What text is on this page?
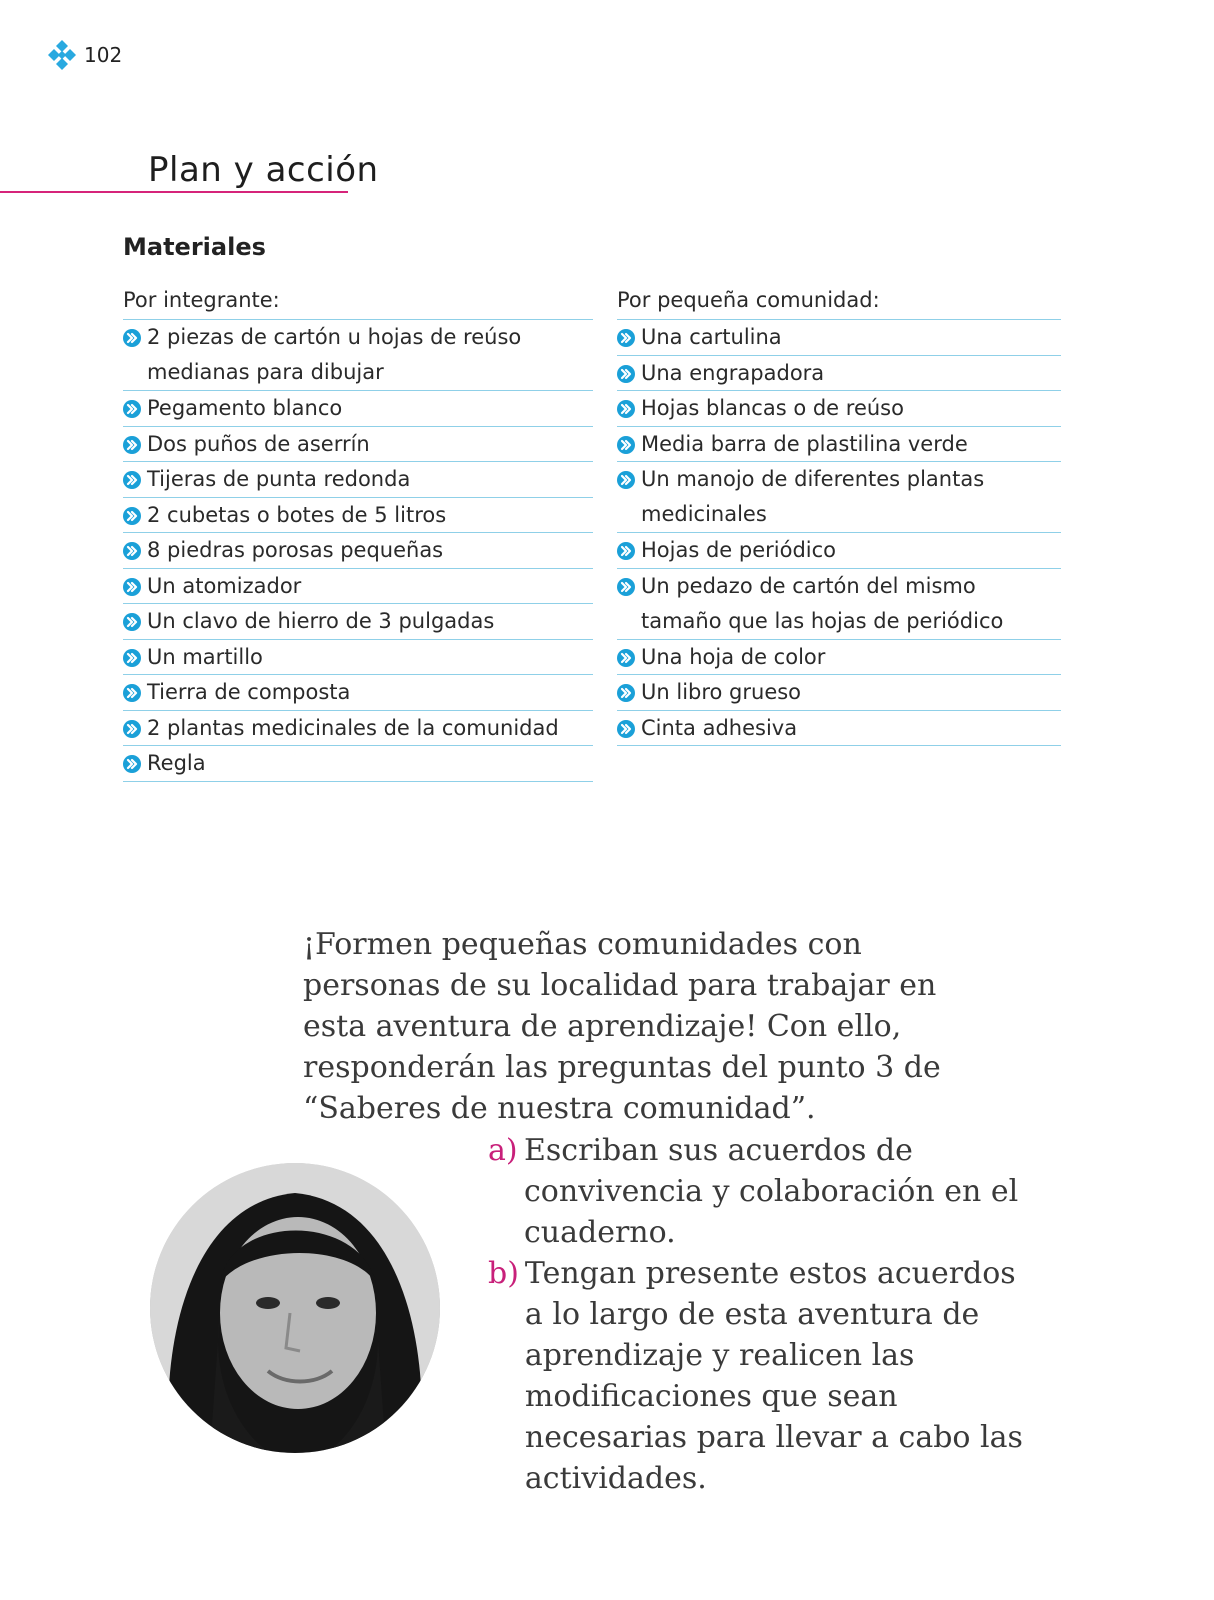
102
Plan y acción
Materiales
Por integrante:
2 piezas de cartón u hojas de reúso medianas para dibujar
Pegamento blanco
Dos puños de aserrín
Tijeras de punta redonda
2 cubetas o botes de 5 litros
8 piedras porosas pequeñas
Un atomizador
Un clavo de hierro de 3 pulgadas
Un martillo
Tierra de composta
2 plantas medicinales de la comunidad
Regla
Por pequeña comunidad:
Una cartulina
Una engrapadora
Hojas blancas o de reúso
Media barra de plastilina verde
Un manojo de diferentes plantas medicinales
Hojas de periódico
Un pedazo de cartón del mismo tamaño que las hojas de periódico
Una hoja de color
Un libro grueso
Cinta adhesiva

¡Formen pequeñas comunidades con personas de su localidad para trabajar en esta aventura de aprendizaje! Con ello, responderán las preguntas del punto 3 de “Saberes de nuestra comunidad”.

a) Escriban sus acuerdos de convivencia y colaboración en el cuaderno.
b) Tengan presente estos acuerdos a lo largo de esta aventura de aprendizaje y realicen las modificaciones que sean necesarias para llevar a cabo las actividades.
